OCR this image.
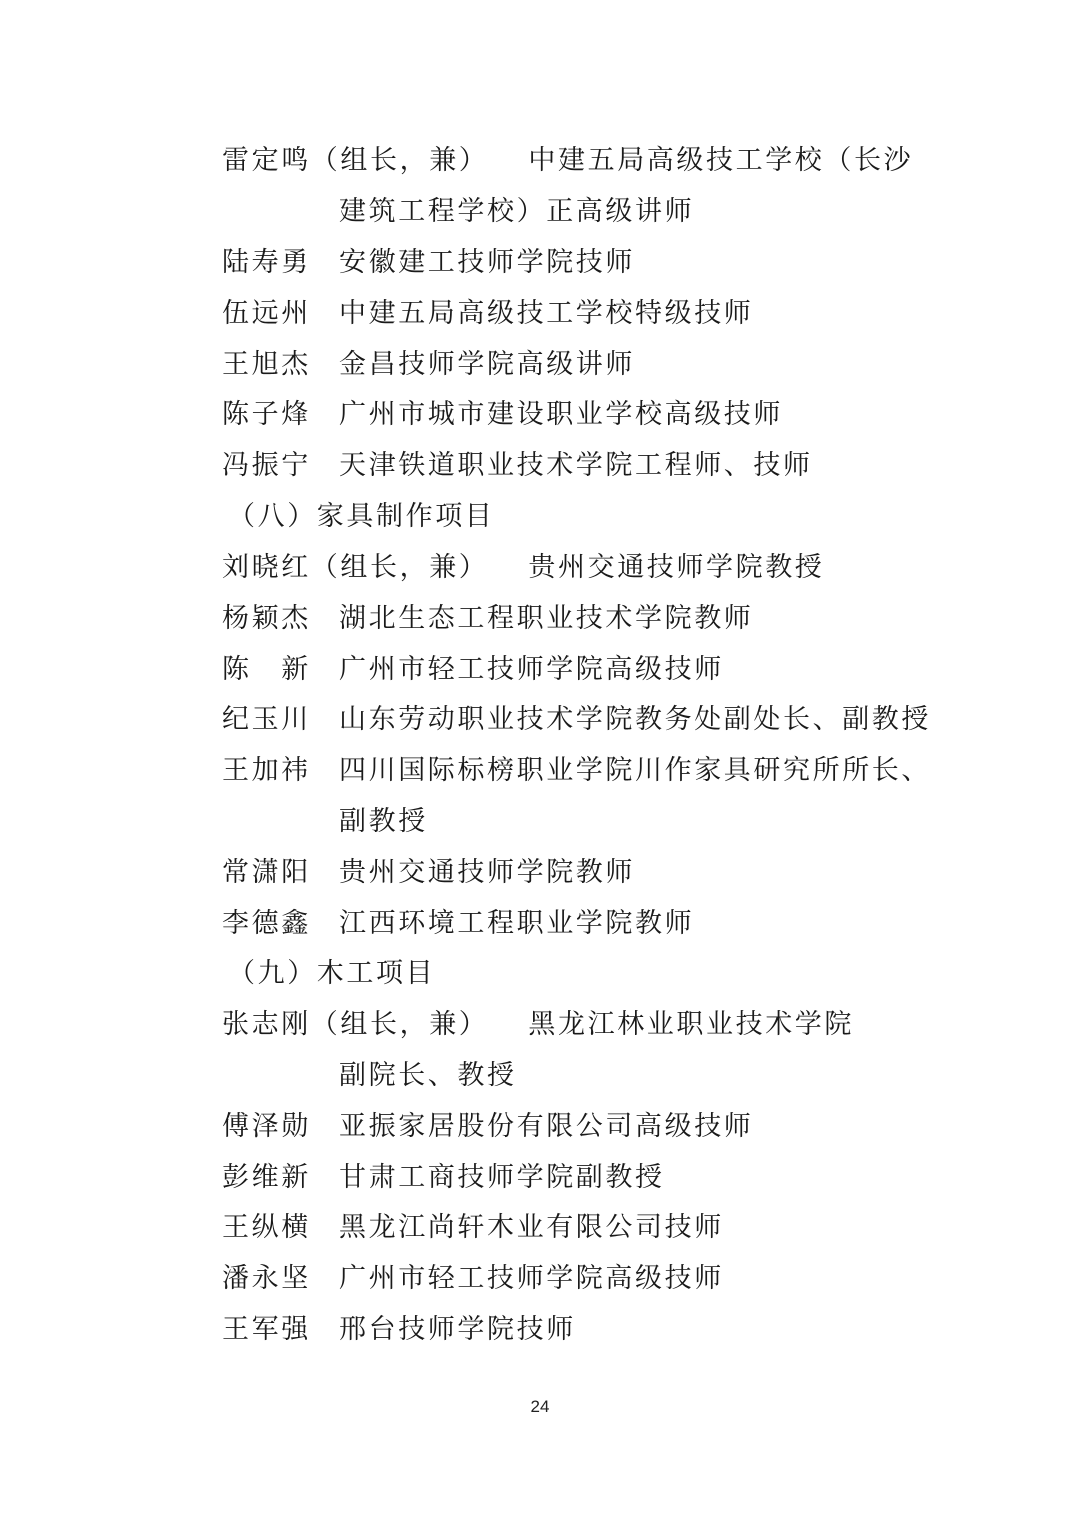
雷定鸣（组长，兼） 中建五局高级技工学校（长沙
建筑工程学校）正高级讲师
陆寿勇 安徽建工技师学院技师
伍远州 中建五局高级技工学校特级技师
王旭杰 金昌技师学院高级讲师
陈子烽 广州市城市建设职业学校高级技师
冯振宁 天津铁道职业技术学院工程师、技师
（八）家具制作项目
刘晓红（组长，兼） 贵州交通技师学院教授
杨颖杰 湖北生态工程职业技术学院教师
陈　新 广州市轻工技师学院高级技师
纪玉川 山东劳动职业技术学院教务处副处长、副教授
王加祎 四川国际标榜职业学院川作家具研究所所长、
副教授
常潇阳 贵州交通技师学院教师
李德鑫 江西环境工程职业学院教师
（九）木工项目
张志刚（组长，兼） 黑龙江林业职业技术学院
副院长、教授
傅泽勋 亚振家居股份有限公司高级技师
彭维新 甘肃工商技师学院副教授
王纵横 黑龙江尚轩木业有限公司技师
潘永坚 广州市轻工技师学院高级技师
王军强 邢台技师学院技师
24
